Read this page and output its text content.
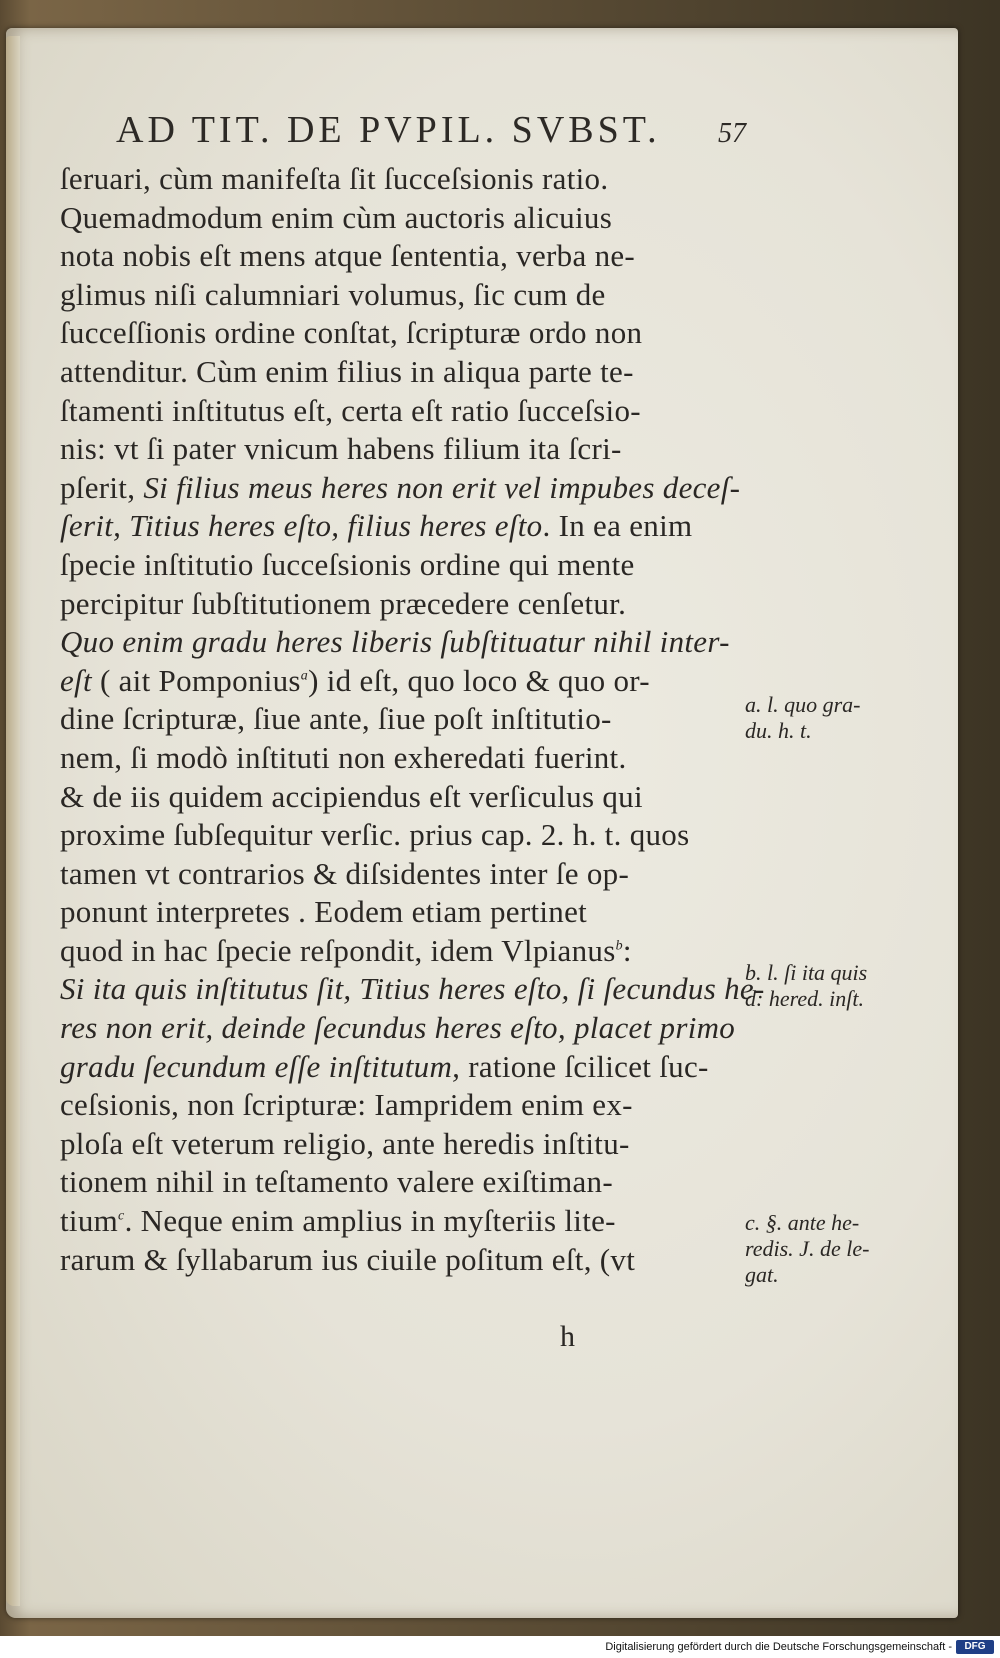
AD TIT. DE PVPIL. SVBST. 57
ſeruari, cùm manifeſta ſit ſucceſsionis ratio.
Quemadmodum enim cùm auctoris alicuius
nota nobis eſt mens atque ſententia, verba ne-
glimus niſi calumniari volumus, ſic cum de
ſucceſſionis ordine conſtat, ſcripturæ ordo non
attenditur. Cùm enim filius in aliqua parte te-
ſtamenti inſtitutus eſt, certa eſt ratio ſucceſsio-
nis: vt ſi pater vnicum habens filium ita ſcri-
pſerit, Si filius meus heres non erit vel impubes deceſ-
ſerit, Titius heres eſto, filius heres eſto. In ea enim
ſpecie inſtitutio ſucceſsionis ordine qui mente
percipitur ſubſtitutionem præcedere cenſetur.
Quo enim gradu heres liberis ſubſtituatur nihil inter-
eſt ( ait Pomponius$^a$) id eſt, quo loco & quo or-
dine ſcripturæ, ſiue ante, ſiue poſt inſtitutio-
nem, ſi modò inſtituti non exheredati fuerint.
& de iis quidem accipiendus eſt verſiculus qui
proxime ſubſequitur verſic. prius cap. 2. h. t. quos
tamen vt contrarios & diſsidentes inter ſe op-
ponunt interpretes . Eodem etiam pertinet
quod in hac ſpecie reſpondit, idem Vlpianus$^b$:
Si ita quis inſtitutus ſit, Titius heres eſto, ſi ſecundus he-
res non erit, deinde ſecundus heres eſto, placet primo
gradu ſecundum eſſe inſtitutum, ratione ſcilicet ſuc-
ceſsionis, non ſcripturæ: Iampridem enim ex-
ploſa eſt veterum religio, ante heredis inſtitu-
tionem nihil in teſtamento valere exiſtiman-
tium$^c$. Neque enim amplius in myſteriis lite-
rarum & ſyllabarum ius ciuile poſitum eſt, (vt
h
a. l. quo gra-
du. h. t.
b. l. ſi ita quis
d: hered. inſt.
c. §. ante he-
redis. J. de le-
gat.
Digitalisierung gefördert durch die Deutsche Forschungsgemeinschaft -	DFG
